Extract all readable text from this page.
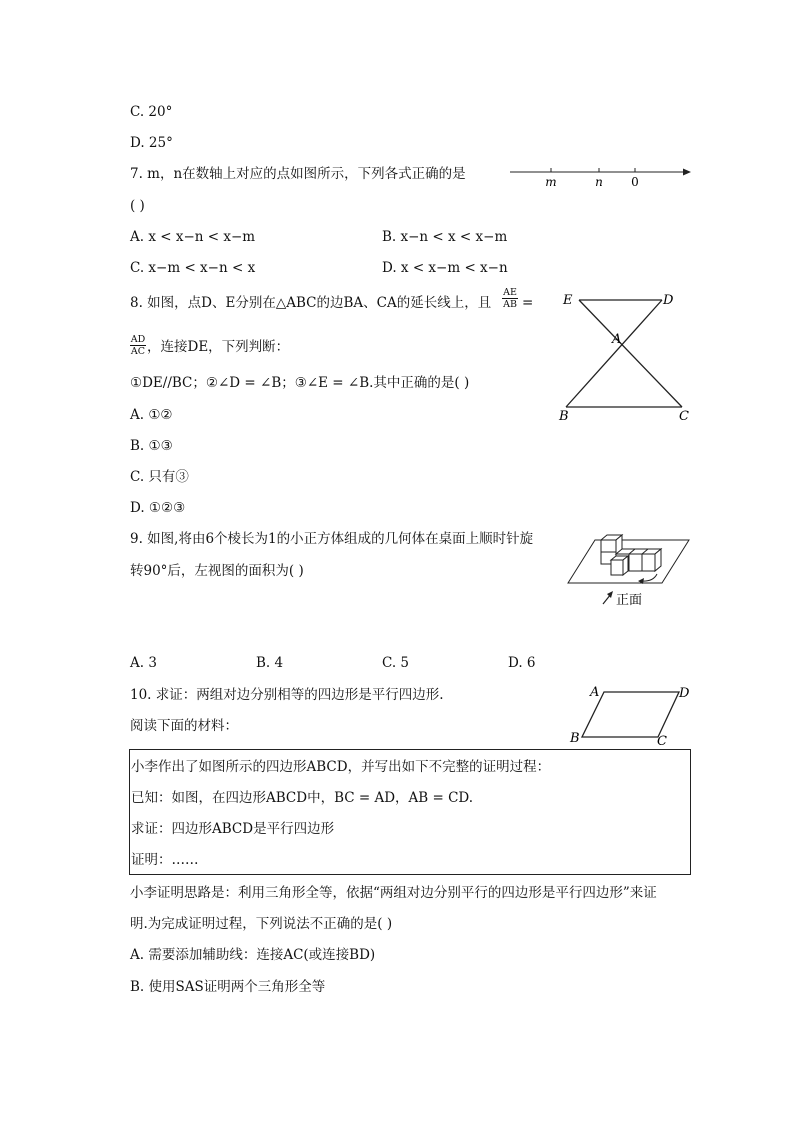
C. 20°
D. 25°
7. m，n在数轴上对应的点如图所示，下列各式正确的是
( )
m	n 0
A. x < x−n < x−m	B. x−n < x < x−m
C. x−m < x−n < x	D. x < x−m < x−n
8. 如图，点D、E分别在△ABC的边BA、CA的延长线上，且 $\frac{AE}{AB}$ =
$\frac{AD}{AC}$ ，连接DE，下列判断：
①DE//BC；②∠D = ∠B；③∠E = ∠B.其中正确的是( )
A. ①②
B. ①③
C. 只有③
D. ①②③
E	D
A
B	C
9. 如图,将由6个棱长为1的小正方体组成的几何体在桌面上顺时针旋
转90°后，左视图的面积为( )
正面
A. 3	B. 4	C. 5	D. 6
10. 求证：两组对边分别相等的四边形是平行四边形.
阅读下面的材料：
A	D
B	C
小李作出了如图所示的四边形ABCD，并写出如下不完整的证明过程：
已知：如图，在四边形ABCD中，BC = AD，AB = CD.
求证：四边形ABCD是平行四边形
证明：……
小李证明思路是：利用三角形全等，依据“两组对边分别平行的四边形是平行四边形”来证
明.为完成证明过程，下列说法不正确的是( )
A. 需要添加辅助线：连接AC(或连接BD)
B. 使用SAS证明两个三角形全等
